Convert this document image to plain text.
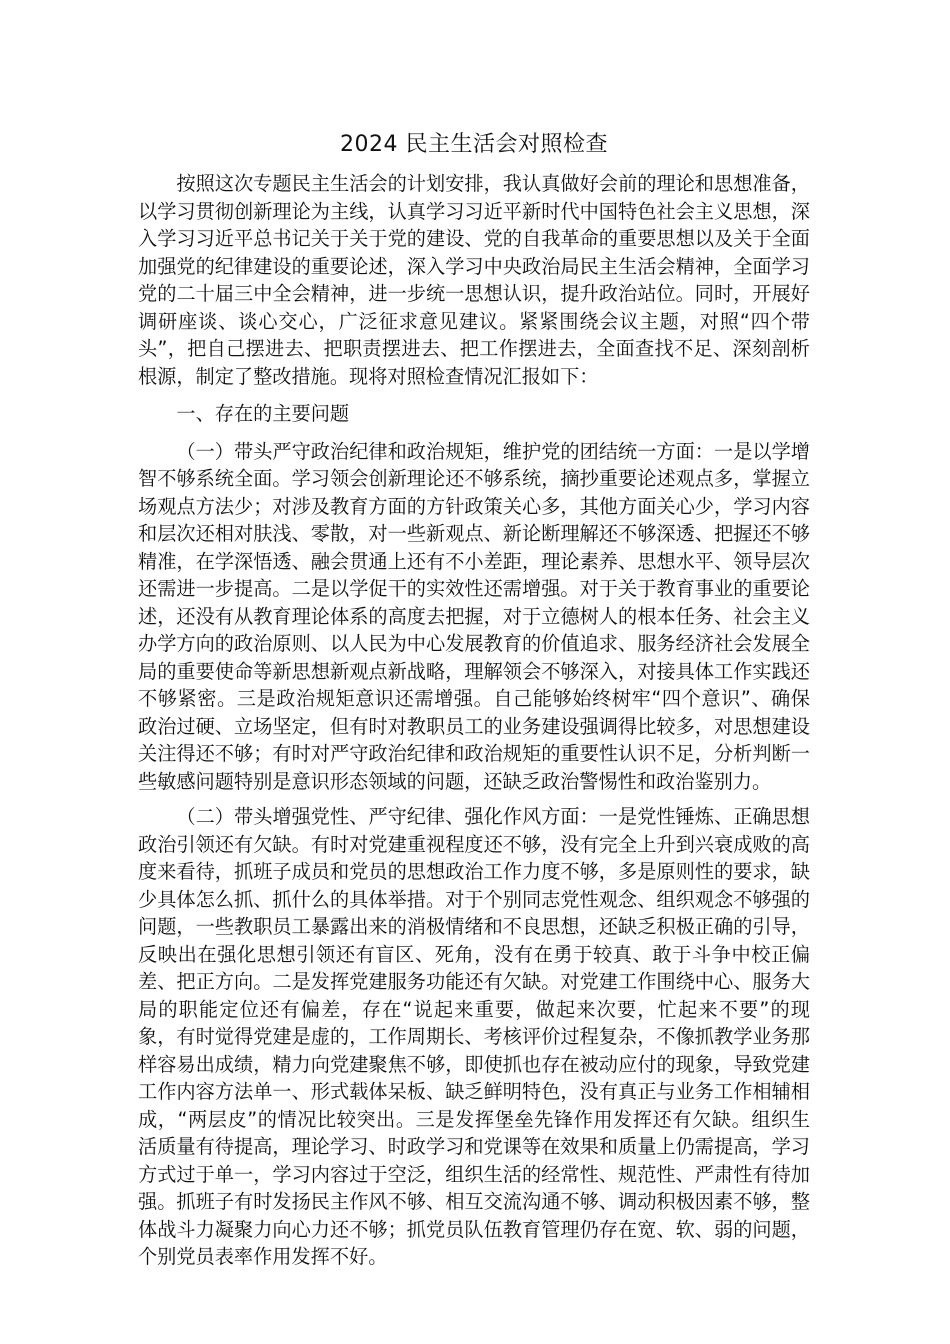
2024 民主生活会对照检查

按照这次专题民主生活会的计划安排，我认真做好会前的理论和思想准备，以学习贯彻创新理论为主线，认真学习习近平新时代中国特色社会主义思想，深入学习习近平总书记关于关于党的建设、党的自我革命的重要思想以及关于全面加强党的纪律建设的重要论述，深入学习中央政治局民主生活会精神，全面学习党的二十届三中全会精神，进一步统一思想认识，提升政治站位。同时，开展好调研座谈、谈心交心，广泛征求意见建议。紧紧围绕会议主题，对照“四个带头”，把自己摆进去、把职责摆进去、把工作摆进去，全面查找不足、深刻剖析根源，制定了整改措施。现将对照检查情况汇报如下：

一、存在的主要问题

（一）带头严守政治纪律和政治规矩，维护党的团结统一方面：一是以学增智不够系统全面。学习领会创新理论还不够系统，摘抄重要论述观点多，掌握立场观点方法少；对涉及教育方面的方针政策关心多，其他方面关心少，学习内容和层次还相对肤浅、零散，对一些新观点、新论断理解还不够深透、把握还不够精准，在学深悟透、融会贯通上还有不小差距，理论素养、思想水平、领导层次还需进一步提高。二是以学促干的实效性还需增强。对于关于教育事业的重要论述，还没有从教育理论体系的高度去把握，对于立德树人的根本任务、社会主义办学方向的政治原则、以人民为中心发展教育的价值追求、服务经济社会发展全局的重要使命等新思想新观点新战略，理解领会不够深入，对接具体工作实践还不够紧密。三是政治规矩意识还需增强。自己能够始终树牢“四个意识”、确保政治过硬、立场坚定，但有时对教职员工的业务建设强调得比较多，对思想建设关注得还不够；有时对严守政治纪律和政治规矩的重要性认识不足，分析判断一些敏感问题特别是意识形态领域的问题，还缺乏政治警惕性和政治鉴别力。

（二）带头增强党性、严守纪律、强化作风方面：一是党性锤炼、正确思想政治引领还有欠缺。有时对党建重视程度还不够，没有完全上升到兴衰成败的高度来看待，抓班子成员和党员的思想政治工作力度不够，多是原则性的要求，缺少具体怎么抓、抓什么的具体举措。对于个别同志党性观念、组织观念不够强的问题，一些教职员工暴露出来的消极情绪和不良思想，还缺乏积极正确的引导，反映出在强化思想引领还有盲区、死角，没有在勇于较真、敢于斗争中校正偏差、把正方向。二是发挥党建服务功能还有欠缺。对党建工作围绕中心、服务大局的职能定位还有偏差，存在“说起来重要，做起来次要，忙起来不要”的现象，有时觉得党建是虚的，工作周期长、考核评价过程复杂，不像抓教学业务那样容易出成绩，精力向党建聚焦不够，即使抓也存在被动应付的现象，导致党建工作内容方法单一、形式载体呆板、缺乏鲜明特色，没有真正与业务工作相辅相成，“两层皮”的情况比较突出。三是发挥堡垒先锋作用发挥还有欠缺。组织生活质量有待提高，理论学习、时政学习和党课等在效果和质量上仍需提高，学习方式过于单一，学习内容过于空泛，组织生活的经常性、规范性、严肃性有待加强。抓班子有时发扬民主作风不够、相互交流沟通不够、调动积极因素不够，整体战斗力凝聚力向心力还不够；抓党员队伍教育管理仍存在宽、软、弱的问题，个别党员表率作用发挥不好。
